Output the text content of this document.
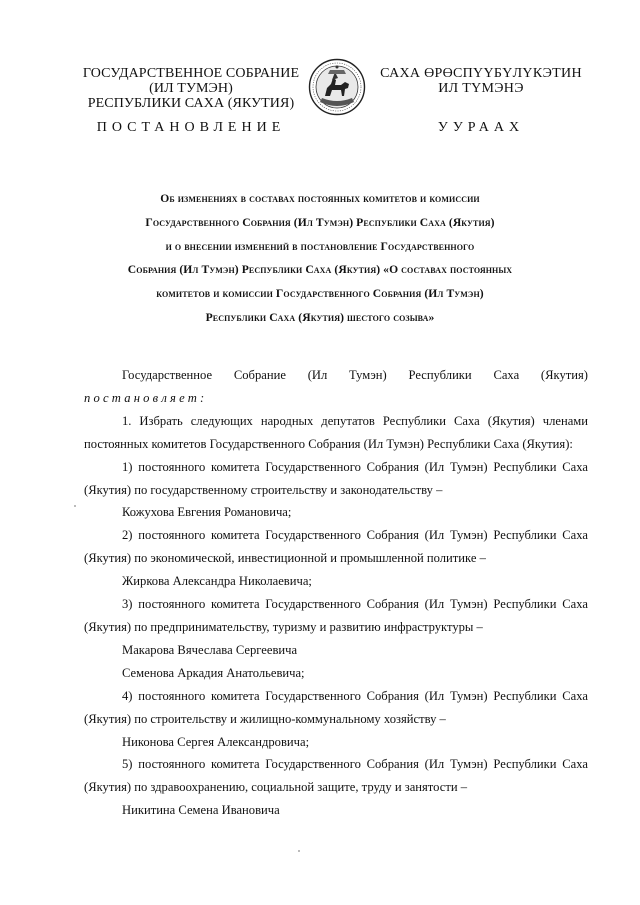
ГОСУДАРСТВЕННОЕ СОБРАНИЕ
(ИЛ ТУМЭН)
РЕСПУБЛИКИ САХА (ЯКУТИЯ)
САХА ӨРӨСПҮҮБҮЛҮКЭТИН
ИЛ ТҮМЭНЭ
ПОСТАНОВЛЕНИЕ	УУРААХ
Об изменениях в составах постоянных комитетов и комиссии
Государственного Собрания (Ил Тумэн) Республики Саха (Якутия)
и о внесении изменений в постановление Государственного
Собрания (Ил Тумэн) Республики Саха (Якутия) «О составах постоянных
комитетов и комиссии Государственного Собрания (Ил Тумэн)
Республики Саха (Якутия) шестого созыва»

Государственное Собрание (Ил Тумэн) Республики Саха (Якутия)

постановляет:

1. Избрать следующих народных депутатов Республики Саха (Якутия) членами постоянных комитетов Государственного Собрания (Ил Тумэн) Республики Саха (Якутия):

1) постоянного комитета Государственного Собрания (Ил Тумэн) Республики Саха (Якутия) по государственному строительству и законодательству –

Кожухова Евгения Романовича;

2) постоянного комитета Государственного Собрания (Ил Тумэн) Республики Саха (Якутия) по экономической, инвестиционной и промышленной политике –

Жиркова Александра Николаевича;

3) постоянного комитета Государственного Собрания (Ил Тумэн) Республики Саха (Якутия) по предпринимательству, туризму и развитию инфраструктуры –

Макарова Вячеслава Сергеевича

Семенова Аркадия Анатольевича;

4) постоянного комитета Государственного Собрания (Ил Тумэн) Республики Саха (Якутия) по строительству и жилищно-коммунальному хозяйству –

Никонова Сергея Александровича;

5) постоянного комитета Государственного Собрания (Ил Тумэн) Республики Саха (Якутия) по здравоохранению, социальной защите, труду и занятости –

Никитина Семена Ивановича
